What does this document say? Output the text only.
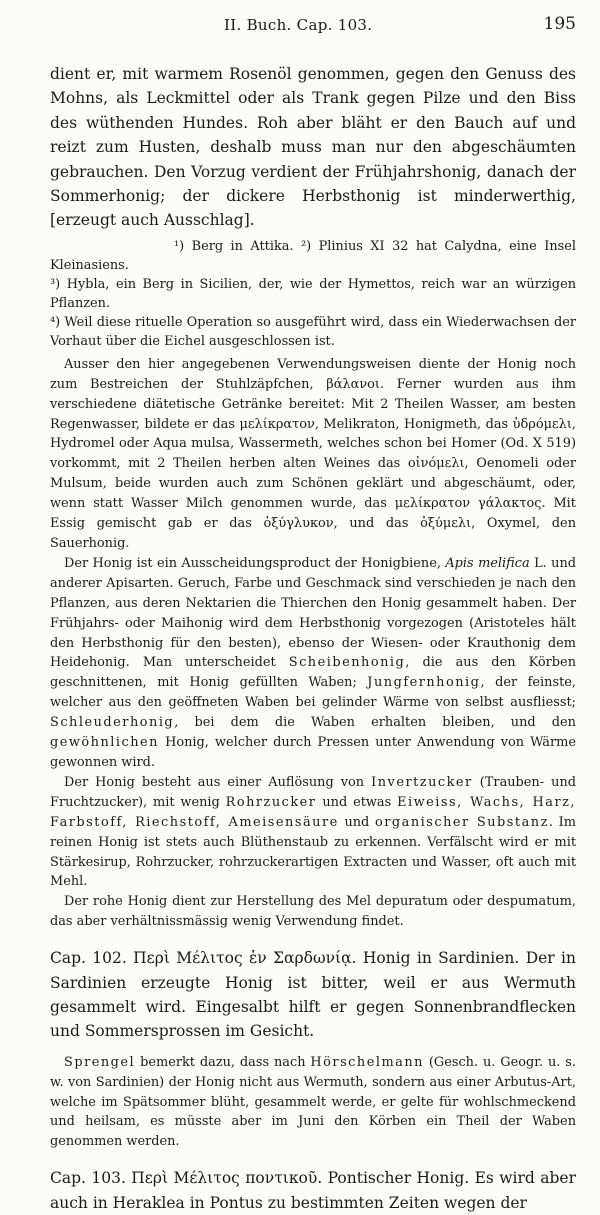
II. Buch. Cap. 103.	195

dient er, mit warmem Rosenöl genommen, gegen den Genuss des Mohns, als Leckmittel oder als Trank gegen Pilze und den Biss des wüthenden Hundes. Roh aber bläht er den Bauch auf und reizt zum Husten, deshalb muss man nur den abgeschäumten gebrauchen. Den Vorzug verdient der Frühjahrshonig, danach der Sommerhonig; der dickere Herbsthonig ist minderwerthig, [erzeugt auch Ausschlag].

¹) Berg in Attika. ²) Plinius XI 32 hat Calydna, eine Insel Kleinasiens.

³) Hybla, ein Berg in Sicilien, der, wie der Hymettos, reich war an würzigen Pflanzen.

⁴) Weil diese rituelle Operation so ausgeführt wird, dass ein Wiederwachsen der Vorhaut über die Eichel ausgeschlossen ist.

Ausser den hier angegebenen Verwendungsweisen diente der Honig noch zum Bestreichen der Stuhlzäpfchen, βάλανοι. Ferner wurden aus ihm verschiedene diätetische Getränke bereitet: Mit 2 Theilen Wasser, am besten Regenwasser, bildete er das μελίκρατον, Melikraton, Honigmeth, das ὑδρόμελι, Hydromel oder Aqua mulsa, Wassermeth, welches schon bei Homer (Od. X 519) vorkommt, mit 2 Theilen herben alten Weines das οἰνόμελι, Oenomeli oder Mulsum, beide wurden auch zum Schönen geklärt und abgeschäumt, oder, wenn statt Wasser Milch genommen wurde, das μελίκρατον γάλακτος. Mit Essig gemischt gab er das ὀξύγλυκον, und das ὀξύμελι, Oxymel, den Sauerhonig.

Der Honig ist ein Ausscheidungsproduct der Honigbiene, Apis melifica L. und anderer Apisarten. Geruch, Farbe und Geschmack sind verschieden je nach den Pflanzen, aus deren Nektarien die Thierchen den Honig gesammelt haben. Der Frühjahrs- oder Maihonig wird dem Herbsthonig vorgezogen (Aristoteles hält den Herbsthonig für den besten), ebenso der Wiesen- oder Krauthonig dem Heidehonig. Man unterscheidet Scheibenhonig, die aus den Körben geschnittenen, mit Honig gefüllten Waben; Jungfernhonig, der feinste, welcher aus den geöffneten Waben bei gelinder Wärme von selbst ausfliesst; Schleuderhonig, bei dem die Waben erhalten bleiben, und den gewöhnlichen Honig, welcher durch Pressen unter Anwendung von Wärme gewonnen wird.

Der Honig besteht aus einer Auflösung von Invertzucker (Trauben- und Fruchtzucker), mit wenig Rohrzucker und etwas Eiweiss, Wachs, Harz, Farbstoff, Riechstoff, Ameisensäure und organischer Substanz. Im reinen Honig ist stets auch Blüthenstaub zu erkennen. Verfälscht wird er mit Stärkesirup, Rohrzucker, rohrzuckerartigen Extracten und Wasser, oft auch mit Mehl.

Der rohe Honig dient zur Herstellung des Mel depuratum oder despumatum, das aber verhältnissmässig wenig Verwendung findet.

Cap. 102. Περὶ Μέλιτος ἐν Σαρδωνίᾳ. Honig in Sardinien. Der in Sardinien erzeugte Honig ist bitter, weil er aus Wermuth gesammelt wird. Eingesalbt hilft er gegen Sonnenbrandflecken und Sommersprossen im Gesicht.

Sprengel bemerkt dazu, dass nach Hörschelmann (Gesch. u. Geogr. u. s. w. von Sardinien) der Honig nicht aus Wermuth, sondern aus einer Arbutus-Art, welche im Spätsommer blüht, gesammelt werde, er gelte für wohlschmeckend und heilsam, es müsste aber im Juni den Körben ein Theil der Waben genommen werden.

Cap. 103. Περὶ Μέλιτος ποντικοῦ. Pontischer Honig. Es wird aber auch in Heraklea in Pontus zu bestimmten Zeiten wegen der
